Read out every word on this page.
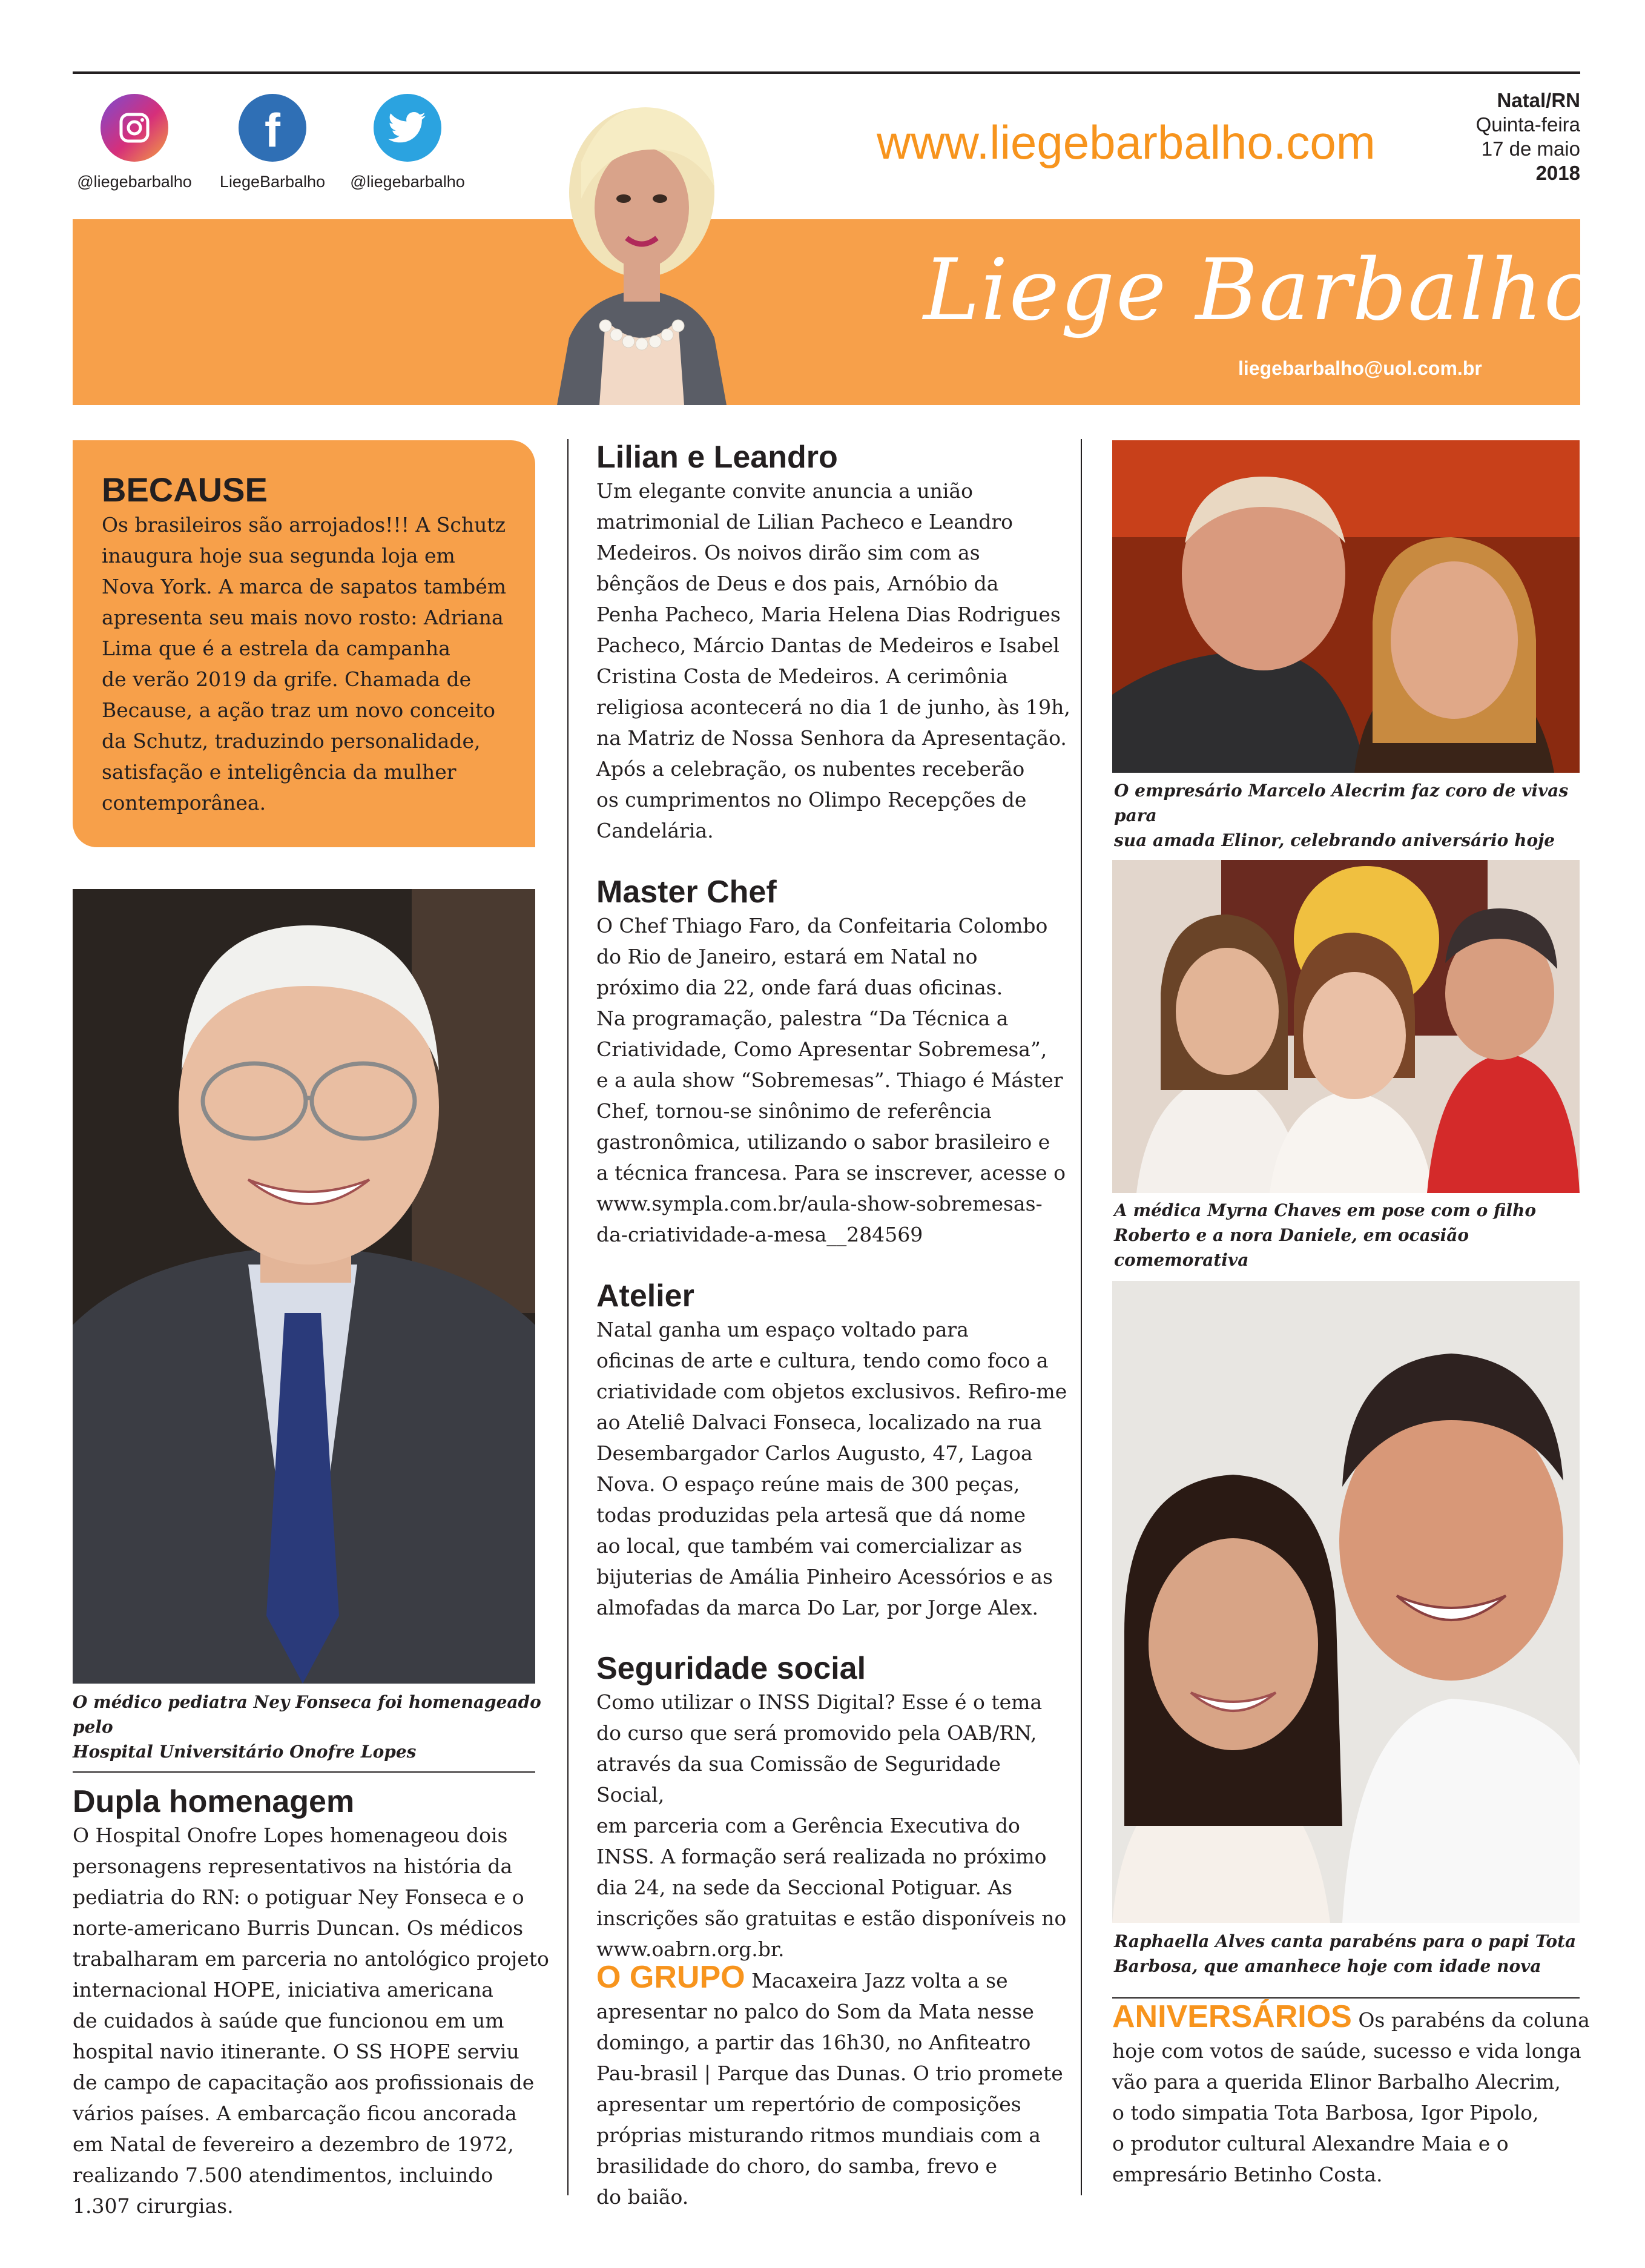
@liegebarbalho
f
LiegeBarbalho	@liegebarbalho
www.liegebarbalho.com
Natal/RN
Quinta-feira
17 de maio
2018
Liege Barbalho
liegebarbalho@uol.com.br
BECAUSE
Os brasileiros são arrojados!!! A Schutz
inaugura hoje sua segunda loja em
Nova York. A marca de sapatos também
apresenta seu mais novo rosto: Adriana
Lima que é a estrela da campanha
de verão 2019 da grife. Chamada de
Because, a ação traz um novo conceito
da Schutz, traduzindo personalidade,
satisfação e inteligência da mulher
contemporânea.
O médico pediatra Ney Fonseca foi homenageado pelo
Hospital Universitário Onofre Lopes
Dupla homenagem
O Hospital Onofre Lopes homenageou dois
personagens representativos na história da
pediatria do RN: o potiguar Ney Fonseca e o
norte-americano Burris Duncan. Os médicos
trabalharam em parceria no antológico projeto
internacional HOPE, iniciativa americana
de cuidados à saúde que funcionou em um
hospital navio itinerante. O SS HOPE serviu
de campo de capacitação aos profissionais de
vários países. A embarcação ficou ancorada
em Natal de fevereiro a dezembro de 1972,
realizando 7.500 atendimentos, incluindo
1.307 cirurgias.
Lilian e Leandro
Um elegante convite anuncia a união
matrimonial de Lilian Pacheco e Leandro
Medeiros. Os noivos dirão sim com as
bênçãos de Deus e dos pais, Arnóbio da
Penha Pacheco, Maria Helena Dias Rodrigues
Pacheco, Márcio Dantas de Medeiros e Isabel
Cristina Costa de Medeiros. A cerimônia
religiosa acontecerá no dia 1 de junho, às 19h,
na Matriz de Nossa Senhora da Apresentação.
Após a celebração, os nubentes receberão
os cumprimentos no Olimpo Recepções de
Candelária.
Master Chef
O Chef Thiago Faro, da Confeitaria Colombo
do Rio de Janeiro, estará em Natal no
próximo dia 22, onde fará duas oficinas.
Na programação, palestra “Da Técnica a
Criatividade, Como Apresentar Sobremesa”,
e a aula show “Sobremesas”. Thiago é Máster
Chef, tornou-se sinônimo de referência
gastronômica, utilizando o sabor brasileiro e
a técnica francesa. Para se inscrever, acesse o
www.sympla.com.br/aula-show-sobremesas-
da-criatividade-a-mesa__284569
Atelier
Natal ganha um espaço voltado para
oficinas de arte e cultura, tendo como foco a
criatividade com objetos exclusivos. Refiro-me
ao Ateliê Dalvaci Fonseca, localizado na rua
Desembargador Carlos Augusto, 47, Lagoa
Nova. O espaço reúne mais de 300 peças,
todas produzidas pela artesã que dá nome
ao local, que também vai comercializar as
bijuterias de Amália Pinheiro Acessórios e as
almofadas da marca Do Lar, por Jorge Alex.
Seguridade social
Como utilizar o INSS Digital? Esse é o tema
do curso que será promovido pela OAB/RN,
através da sua Comissão de Seguridade Social,
em parceria com a Gerência Executiva do
INSS. A formação será realizada no próximo
dia 24, na sede da Seccional Potiguar. As
inscrições são gratuitas e estão disponíveis no
www.oabrn.org.br.
O GRUPO Macaxeira Jazz volta a se
apresentar no palco do Som da Mata nesse
domingo, a partir das 16h30, no Anfiteatro
Pau-brasil | Parque das Dunas. O trio promete
apresentar um repertório de composições
próprias misturando ritmos mundiais com a
brasilidade do choro, do samba, frevo e
do baião.
O empresário Marcelo Alecrim faz coro de vivas para
sua amada Elinor, celebrando aniversário hoje
A médica Myrna Chaves em pose com o filho
Roberto e a nora Daniele, em ocasião comemorativa
Raphaella Alves canta parabéns para o papi Tota
Barbosa, que amanhece hoje com idade nova
ANIVERSÁRIOS Os parabéns da coluna
hoje com votos de saúde, sucesso e vida longa
vão para a querida Elinor Barbalho Alecrim,
o todo simpatia Tota Barbosa, Igor Pipolo,
o produtor cultural Alexandre Maia e o
empresário Betinho Costa.
